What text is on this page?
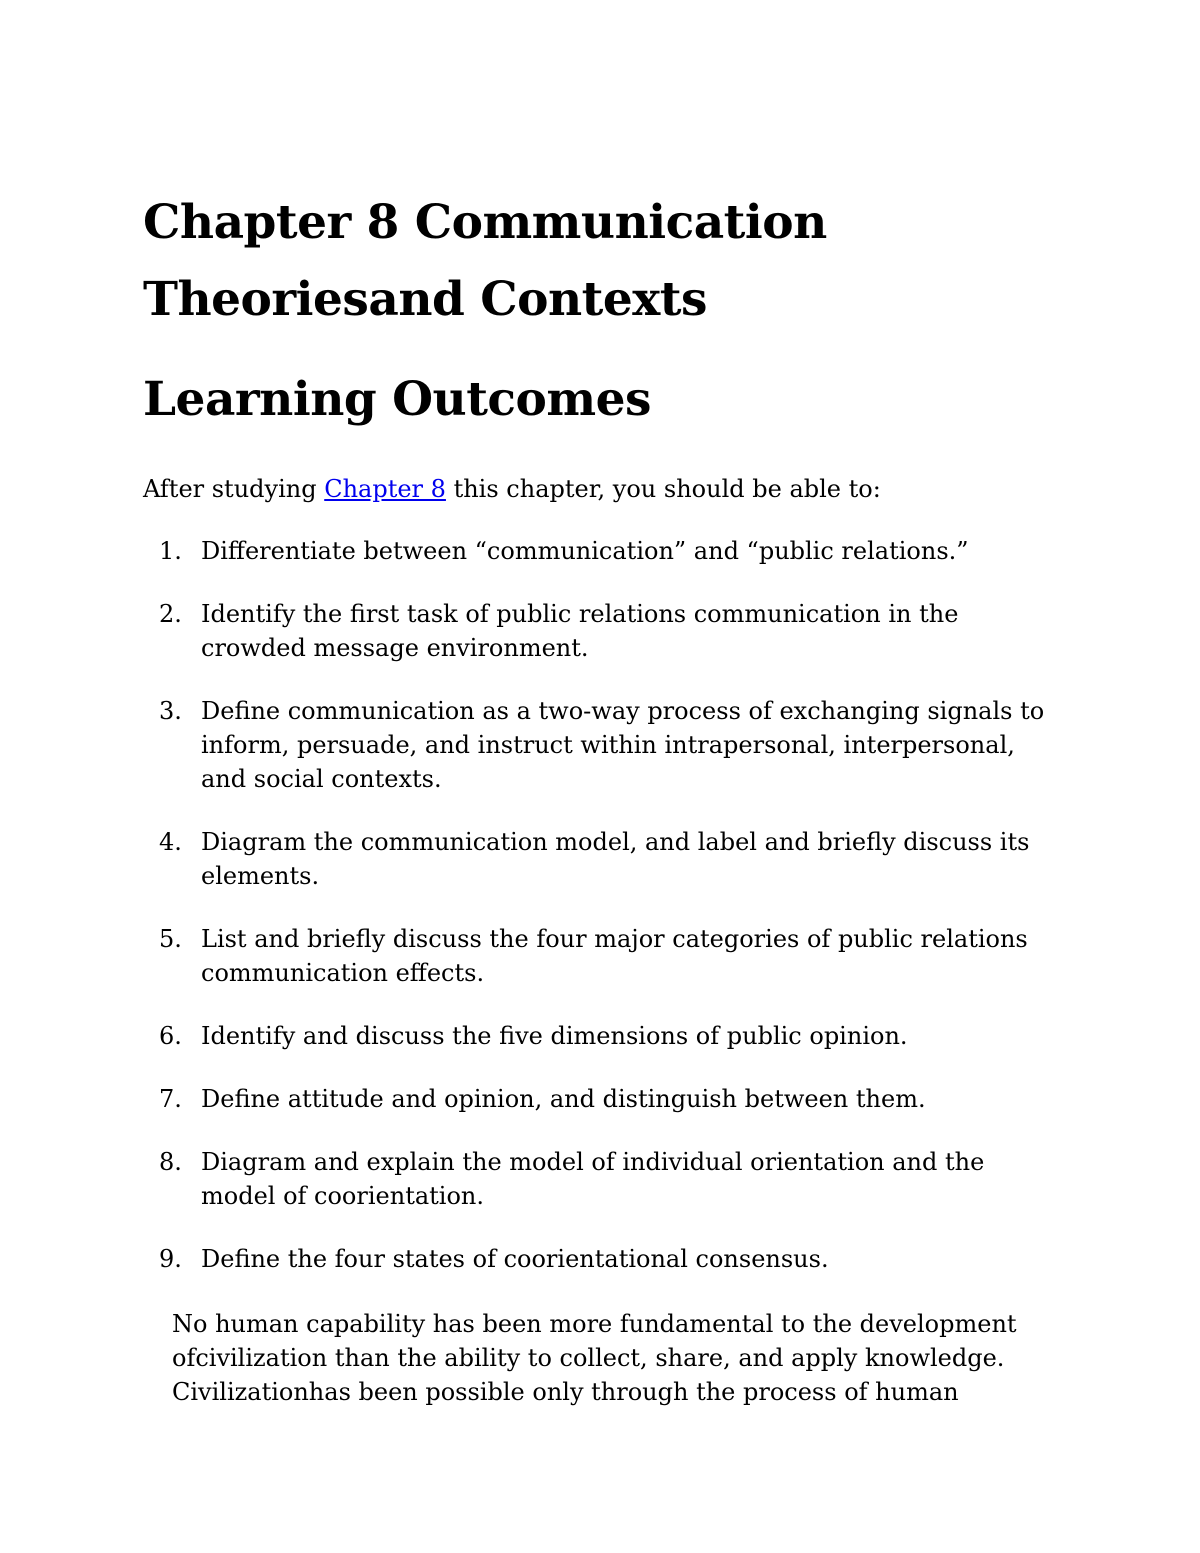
Chapter 8 Communication
Theoriesand Contexts
Learning Outcomes

After studying Chapter 8 this chapter, you should be able to:

1. Differentiate between “communication” and “public relations.”
2. Identify the first task of public relations communication in the crowded message environment.
3. Define communication as a two-way process of exchanging signals to inform, persuade, and instruct within intrapersonal, interpersonal, and social contexts.
4. Diagram the communication model, and label and briefly discuss its elements.
5. List and briefly discuss the four major categories of public relations communication effects.
6. Identify and discuss the five dimensions of public opinion.
7. Define attitude and opinion, and distinguish between them.
8. Diagram and explain the model of individual orientation and the model of coorientation.
9. Define the four states of coorientational consensus.

No human capability has been more fundamental to the development
ofcivilization than the ability to collect, share, and apply knowledge.
Civilizationhas been possible only through the process of human
